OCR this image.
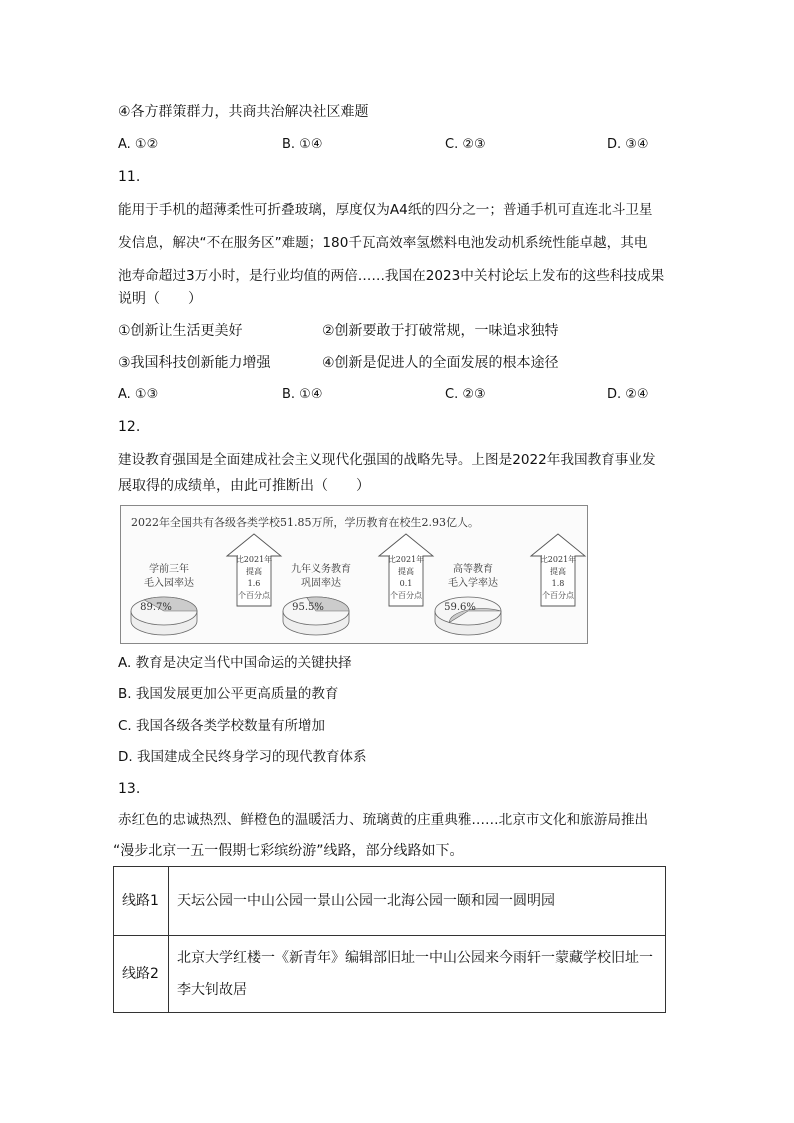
④各方群策群力，共商共治解决社区难题
A. ①②	B. ①④	C. ②③	D. ③④
11.
能用于手机的超薄柔性可折叠玻璃，厚度仅为A4纸的四分之一；普通手机可直连北斗卫星
发信息，解决“不在服务区”难题；180千瓦高效率氢燃料电池发动机系统性能卓越，其电
池寿命超过3万小时，是行业均值的两倍……我国在2023中关村论坛上发布的这些科技成果
说明（　　）
①创新让生活更美好	②创新要敢于打破常规，一味追求独特
③我国科技创新能力增强	④创新是促进人的全面发展的根本途径
A. ①③	B. ①④	C. ②③	D. ②④
12.
建设教育强国是全面建成社会主义现代化强国的战略先导。上图是2022年我国教育事业发
展取得的成绩单，由此可推断出（　　）
2022年全国共有各级各类学校51.85万所，学历教育在校生2.93亿人。
学前三年
毛入园率达
89.7%
比2021年
提高
1.6
个百分点
九年义务教育
巩固率达
95.5%
比2021年
提高
0.1
个百分点
高等教育
毛入学率达
59.6%
比2021年
提高
1.8
个百分点
A. 教育是决定当代中国命运的关键抉择
B. 我国发展更加公平更高质量的教育
C. 我国各级各类学校数量有所增加
D. 我国建成全民终身学习的现代教育体系
13.
赤红色的忠诚热烈、鲜橙色的温暖活力、琉璃黄的庄重典雅……北京市文化和旅游局推出
“漫步北京一五一假期七彩缤纷游”线路，部分线路如下。
线路1	天坛公园一中山公园一景山公园一北海公园一颐和园一圆明园
线路2	北京大学红楼一《新青年》编辑部旧址一中山公园来今雨轩一蒙藏学校旧址一李大钊故居
